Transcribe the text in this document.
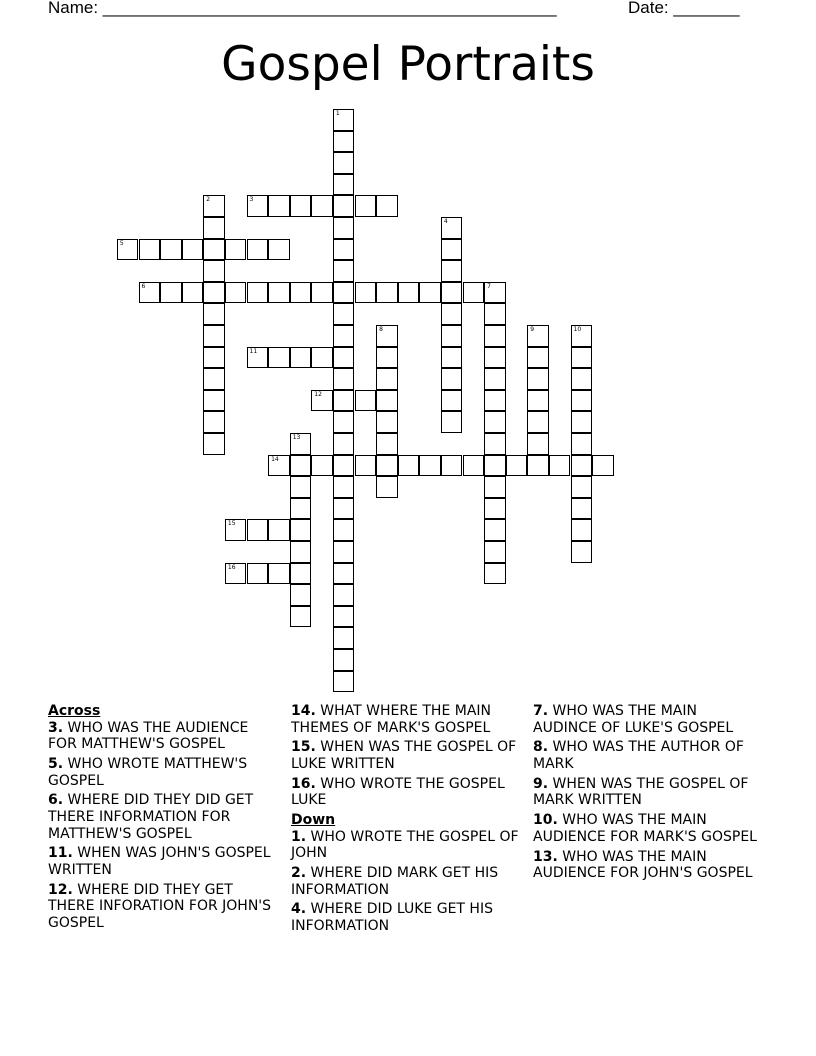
Name: ________________________________________________	Date: _______
Gospel Portraits
1
2	3
4
5
6	7
8	9	10
11
12
13
14
15
16
Across
3. WHO WAS THE AUDIENCE FOR MATTHEW'S GOSPEL
5. WHO WROTE MATTHEW'S GOSPEL
6. WHERE DID THEY DID GET THERE INFORMATION FOR MATTHEW'S GOSPEL
11. WHEN WAS JOHN'S GOSPEL WRITTEN
12. WHERE DID THEY GET THERE INFORATION FOR JOHN'S GOSPEL
14. WHAT WHERE THE MAIN THEMES OF MARK'S GOSPEL
15. WHEN WAS THE GOSPEL OF LUKE WRITTEN
16. WHO WROTE THE GOSPEL LUKE
Down
1. WHO WROTE THE GOSPEL OF JOHN
2. WHERE DID MARK GET HIS INFORMATION
4. WHERE DID LUKE GET HIS INFORMATION
7. WHO WAS THE MAIN AUDINCE OF LUKE'S GOSPEL
8. WHO WAS THE AUTHOR OF MARK
9. WHEN WAS THE GOSPEL OF MARK WRITTEN
10. WHO WAS THE MAIN AUDIENCE FOR MARK'S GOSPEL
13. WHO WAS THE MAIN AUDIENCE FOR JOHN'S GOSPEL
